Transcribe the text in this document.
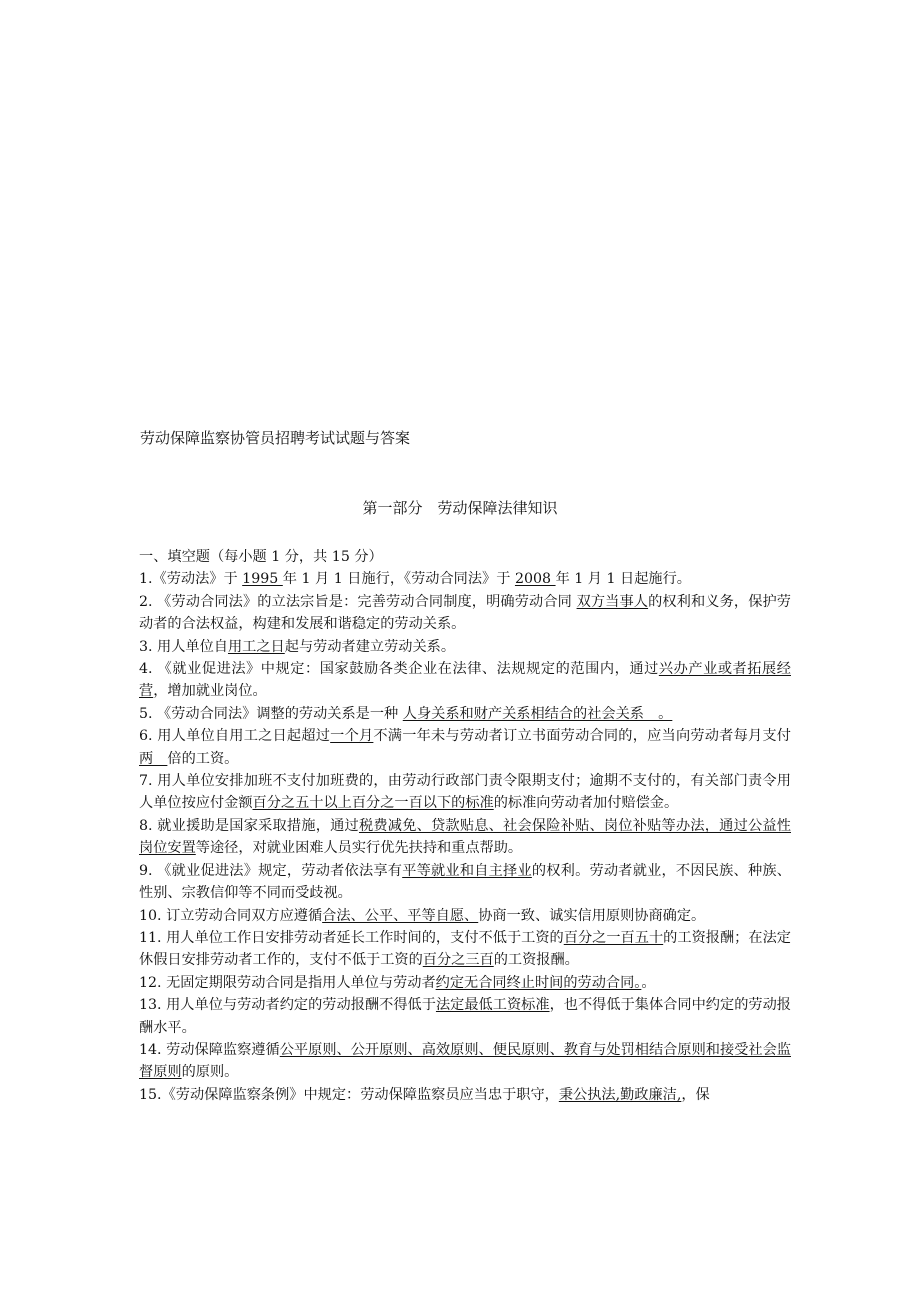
劳动保障监察协管员招聘考试试题与答案
第一部分　劳动保障法律知识

一、填空题（每小题 1 分，共 15 分）

1.《劳动法》于 1995 年 1 月 1 日施行，《劳动合同法》于 2008 年 1 月 1 日起施行。

2. 《劳动合同法》的立法宗旨是：完善劳动合同制度，明确劳动合同 双方当事人的权利和义务，保护劳动者的合法权益，构建和发展和谐稳定的劳动关系。

3. 用人单位自用工之日起与劳动者建立劳动关系。

4. 《就业促进法》中规定：国家鼓励各类企业在法律、法规规定的范围内，通过兴办产业或者拓展经营，增加就业岗位。

5. 《劳动合同法》调整的劳动关系是一种 人身关系和财产关系相结合的社会关系　。

6. 用人单位自用工之日起超过一个月不满一年未与劳动者订立书面劳动合同的，应当向劳动者每月支付两　倍的工资。

7. 用人单位安排加班不支付加班费的，由劳动行政部门责令限期支付；逾期不支付的，有关部门责令用人单位按应付金额百分之五十以上百分之一百以下的标准的标准向劳动者加付赔偿金。

8. 就业援助是国家采取措施，通过税费减免、贷款贴息、社会保险补贴、岗位补贴等办法，通过公益性岗位安置等途径，对就业困难人员实行优先扶持和重点帮助。

9. 《就业促进法》规定，劳动者依法享有平等就业和自主择业的权利。劳动者就业，不因民族、种族、性别、宗教信仰等不同而受歧视。

10. 订立劳动合同双方应遵循合法、公平、平等自愿、协商一致、诚实信用原则协商确定。

11. 用人单位工作日安排劳动者延长工作时间的，支付不低于工资的百分之一百五十的工资报酬；在法定休假日安排劳动者工作的，支付不低于工资的百分之三百的工资报酬。

12. 无固定期限劳动合同是指用人单位与劳动者约定无合同终止时间的劳动合同。。

13. 用人单位与劳动者约定的劳动报酬不得低于法定最低工资标准，也不得低于集体合同中约定的劳动报酬水平。

14. 劳动保障监察遵循公平原则、公开原则、高效原则、便民原则、教育与处罚相结合原则和接受社会监督原则的原则。

15.《劳动保障监察条例》中规定：劳动保障监察员应当忠于职守，秉公执法,勤政廉洁,，保
